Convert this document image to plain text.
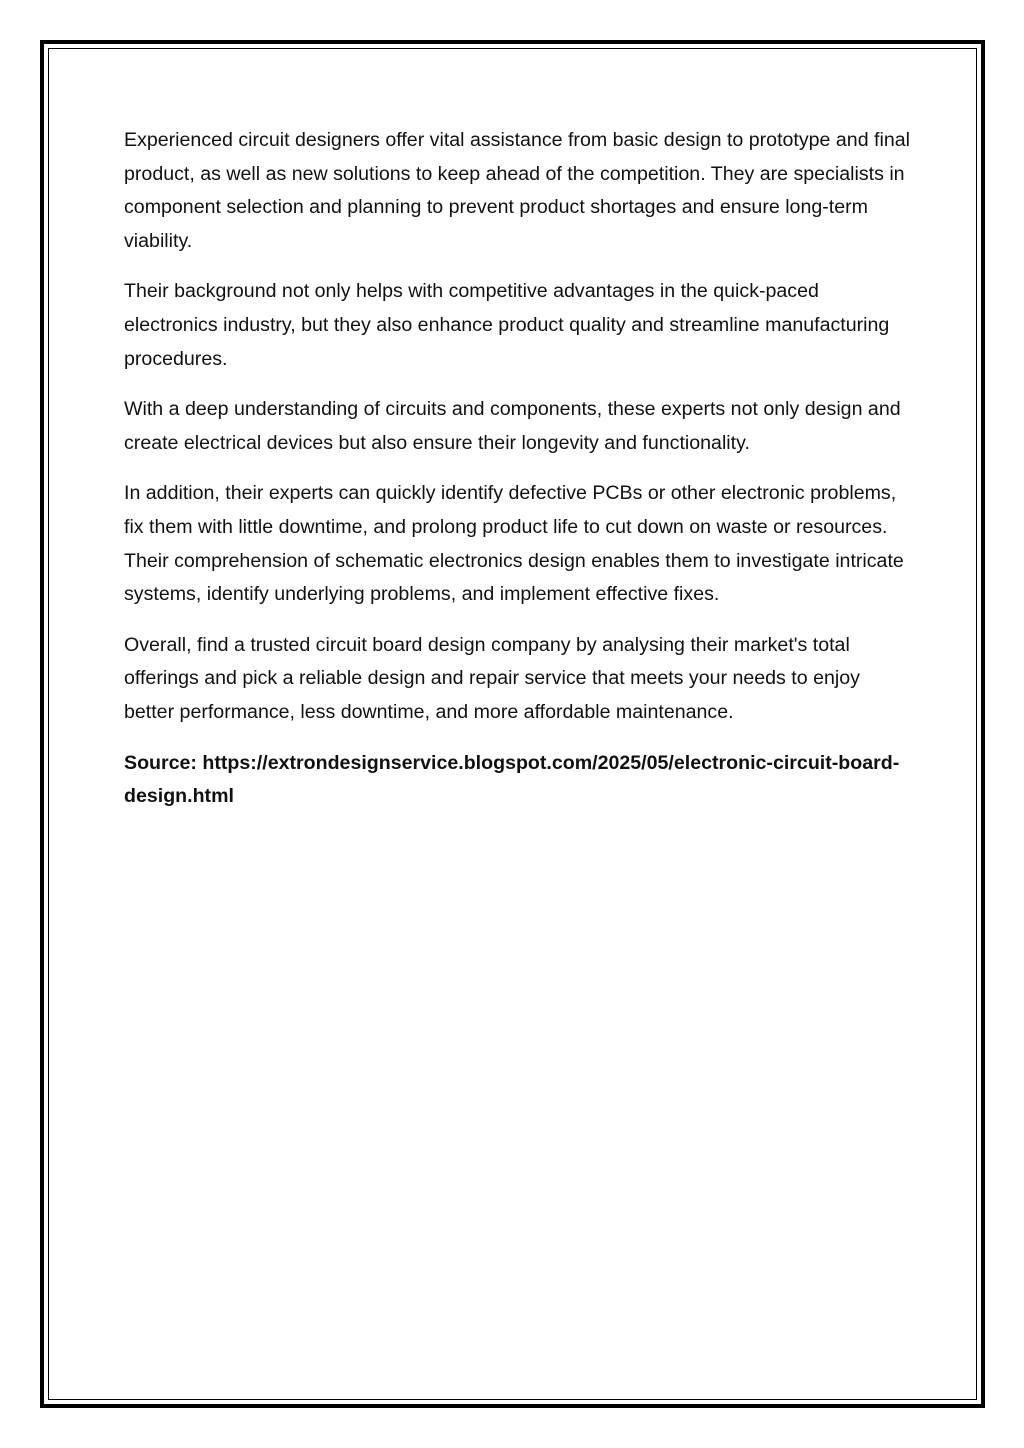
Experienced circuit designers offer vital assistance from basic design to prototype and final product, as well as new solutions to keep ahead of the competition. They are specialists in component selection and planning to prevent product shortages and ensure long-term viability.

Their background not only helps with competitive advantages in the quick-paced electronics industry, but they also enhance product quality and streamline manufacturing procedures.

With a deep understanding of circuits and components, these experts not only design and create electrical devices but also ensure their longevity and functionality.

In addition, their experts can quickly identify defective PCBs or other electronic problems, fix them with little downtime, and prolong product life to cut down on waste or resources. Their comprehension of schematic electronics design enables them to investigate intricate systems, identify underlying problems, and implement effective fixes.

Overall, find a trusted circuit board design company by analysing their market's total offerings and pick a reliable design and repair service that meets your needs to enjoy better performance, less downtime, and more affordable maintenance.

Source: https://extrondesignservice.blogspot.com/2025/05/electronic-circuit-board-design.html
